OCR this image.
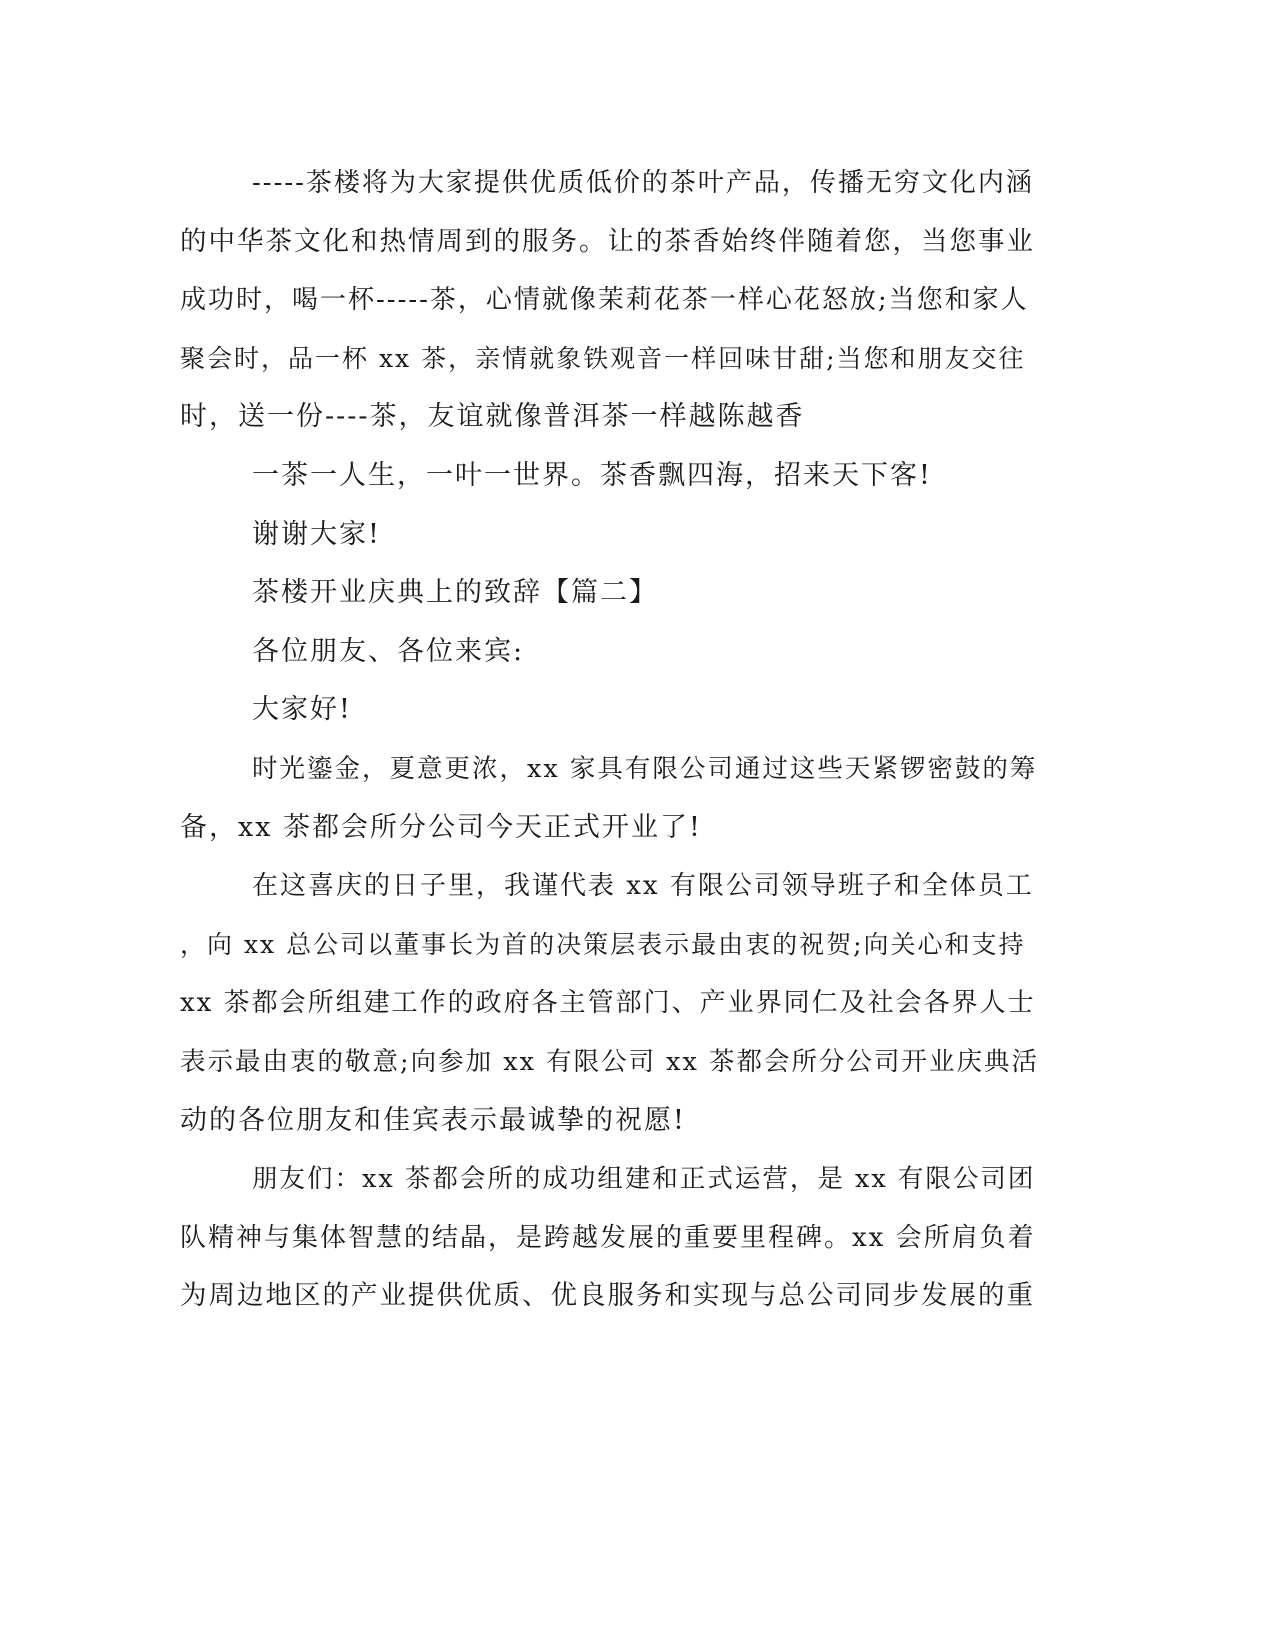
-----茶楼将为大家提供优质低价的茶叶产品，传播无穷文化内涵
的中华茶文化和热情周到的服务。让的茶香始终伴随着您，当您事业
成功时，喝一杯-----茶，心情就像茉莉花茶一样心花怒放;当您和家人
聚会时，品一杯 xx 茶，亲情就象铁观音一样回味甘甜;当您和朋友交往
时，送一份----茶，友谊就像普洱茶一样越陈越香
一茶一人生，一叶一世界。茶香飘四海，招来天下客!
谢谢大家!
茶楼开业庆典上的致辞【篇二】
各位朋友、各位来宾:
大家好!
时光鎏金，夏意更浓，xx 家具有限公司通过这些天紧锣密鼓的筹
备，xx 茶都会所分公司今天正式开业了!
在这喜庆的日子里，我谨代表 xx 有限公司领导班子和全体员工
，向 xx 总公司以董事长为首的决策层表示最由衷的祝贺;向关心和支持
xx 茶都会所组建工作的政府各主管部门、产业界同仁及社会各界人士
表示最由衷的敬意;向参加 xx 有限公司 xx 茶都会所分公司开业庆典活
动的各位朋友和佳宾表示最诚挚的祝愿!
朋友们：xx 茶都会所的成功组建和正式运营，是 xx 有限公司团
队精神与集体智慧的结晶，是跨越发展的重要里程碑。xx 会所肩负着
为周边地区的产业提供优质、优良服务和实现与总公司同步发展的重
